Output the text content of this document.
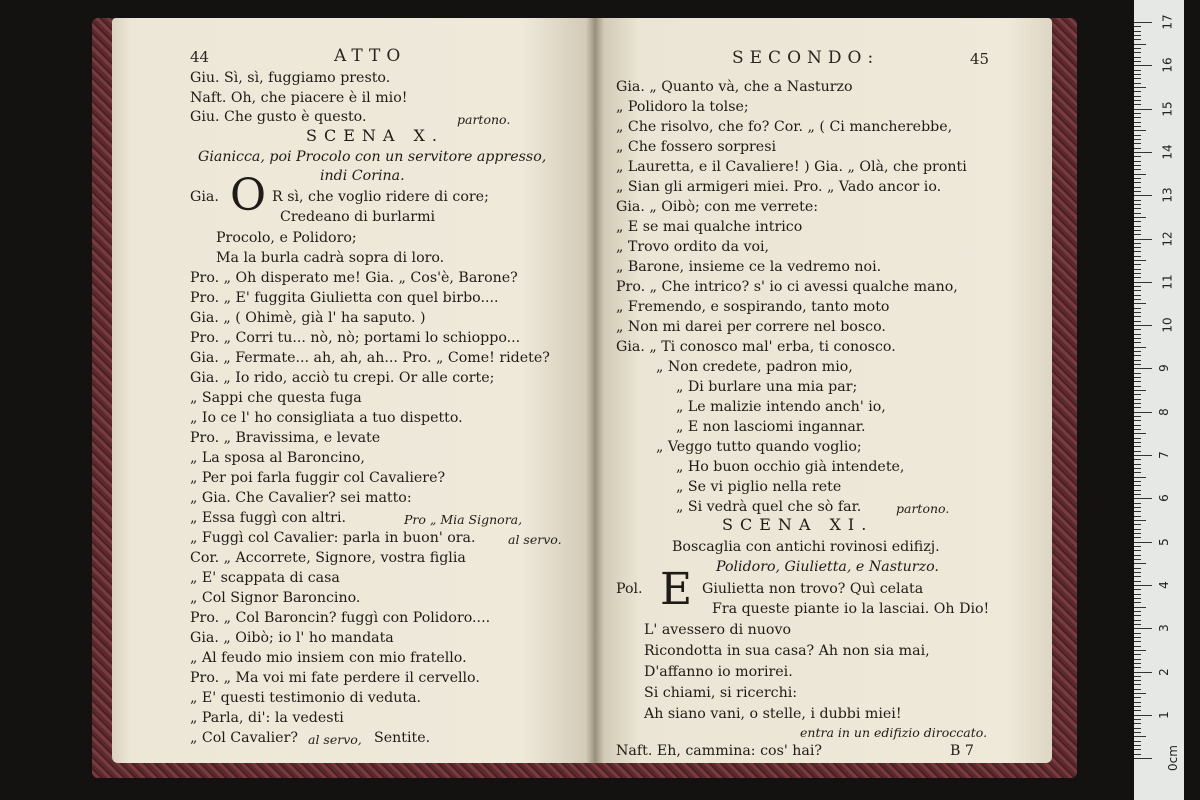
44	ATTO
Giu. Sì, sì, fuggiamo presto.
Naft. Oh, che piacere è il mio!
Giu. Che gusto è questo.	partono.
SCENA X.
Gianicca, poi Procolo con un servitore appresso,
indi Corina.
Gia. O R sì, che voglio ridere di core;
Credeano di burlarmi
Procolo, e Polidoro;
Ma la burla cadrà sopra di loro.
Pro. „ Oh disperato me! Gia. „ Cos'è, Barone?
Pro. „ E' fuggita Giulietta con quel birbo....
Gia. „ ( Ohimè, già l' ha saputo. )
Pro. „ Corri tu... nò, nò; portami lo schioppo...
Gia. „ Fermate... ah, ah, ah... Pro. „ Come! ridete?
Gia. „ Io rido, acciò tu crepi. Or alle corte;
„ Sappi che questa fuga
„ Io ce l' ho consigliata a tuo dispetto.
Pro. „ Bravissima, e levate
„ La sposa al Baroncino,
„ Per poi farla fuggir col Cavaliere?
„ Gia. Che Cavalier? sei matto:
„ Essa fuggì con altri.	Pro „ Mia Signora,
„ Fuggì col Cavalier: parla in buon' ora.	al servo.
Cor. „ Accorrete, Signore, vostra figlia
„ E' scappata di casa
„ Col Signor Baroncino.
Pro. „ Col Baroncin? fuggì con Polidoro....
Gia. „ Oibò; io l' ho mandata
„ Al feudo mio insiem con mio fratello.
Pro. „ Ma voi mi fate perdere il cervello.
„ E' questi testimonio di veduta.
„ Parla, di': la vedesti
„ Col Cavalier? al servo, Sentite.
SECONDO:	45
Gia. „ Quanto và, che a Nasturzo
„ Polidoro la tolse;
„ Che risolvo, che fo? Cor. „ ( Ci mancherebbe,
„ Che fossero sorpresi
„ Lauretta, e il Cavaliere! ) Gia. „ Olà, che pronti
„ Sian gli armigeri miei. Pro. „ Vado ancor io.
Gia. „ Oibò; con me verrete:
„ E se mai qualche intrico
„ Trovo ordito da voi,
„ Barone, insieme ce la vedremo noi.
Pro. „ Che intrico? s' io ci avessi qualche mano,
„ Fremendo, e sospirando, tanto moto
„ Non mi darei per correre nel bosco.
Gia. „ Ti conosco mal' erba, ti conosco.
„ Non credete, padron mio,
„ Di burlare una mia par;
„ Le malizie intendo anch' io,
„ E non lasciomi ingannar.
„ Veggo tutto quando voglio;
„ Ho buon occhio già intendete,
„ Se vi piglio nella rete
„ Si vedrà quel che sò far.	partono.
SCENA XI.
Boscaglia con antichi rovinosi edifizj.
Polidoro, Giulietta, e Nasturzo.
Pol. E Giulietta non trovo? Quì celata
Fra queste piante io la lasciai. Oh Dio!
L' avessero di nuovo
Ricondotta in sua casa? Ah non sia mai,
D'affanno io morirei.
Si chiami, si ricerchi:
Ah siano vani, o stelle, i dubbi miei!
entra in un edifizio diroccato.
Naft. Eh, cammina: cos' hai?	B 7
17
16
15
14
13
12
11
10
9
8
7
6
5
4
3
2
1
0cm
